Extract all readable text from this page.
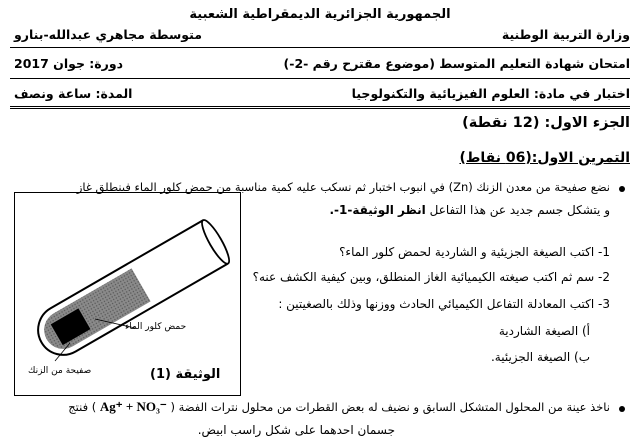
الجمهورية الجزائرية الديمقراطية الشعبية
وزارة التربية الوطنية
متوسطة مجاهري عبدالله-بنارو
امتحان شهادة التعليم المتوسط (موضوع مقترح رقم -2-)
دورة: جوان 2017
اختبار في مادة: العلوم الفيزيائية والتكنولوجيا
المدة: ساعة ونصف
الجزء الاول: (12 نقطة)
التمرين الاول:(06 نقاط)
نضع صفيحة من معدن الزنك (Zn) في انبوب اختبار ثم نسكب عليه كمية مناسبة من حمض كلور الماء فينطلق غاز
و يتشكل جسم جديد عن هذا التفاعل انظر الوثيقة-1-.
1- اكتب الصيغة الجزيئية و الشاردية لحمض كلور الماء؟
2- سم ثم اكتب صيغته الكيميائية الغاز المنطلق، وبين كيفية الكشف عنه؟
3- اكتب المعادلة التفاعل الكيميائي الحادث ووزنها وذلك بالصغيتين :
أ) الصيغة الشاردية
ب) الصيغة الجزيئية.
ناخذ عينة من المحلول المتشكل السابق و نضيف له بعض القطرات من محلول نترات الفضة ( Ag⁺ + NO₃⁻ ) فنتج
جسمان احدهما على شكل راسب ابيض.
حمض كلور الماء
صفيحة من الزنك	الوثيقة (1)
